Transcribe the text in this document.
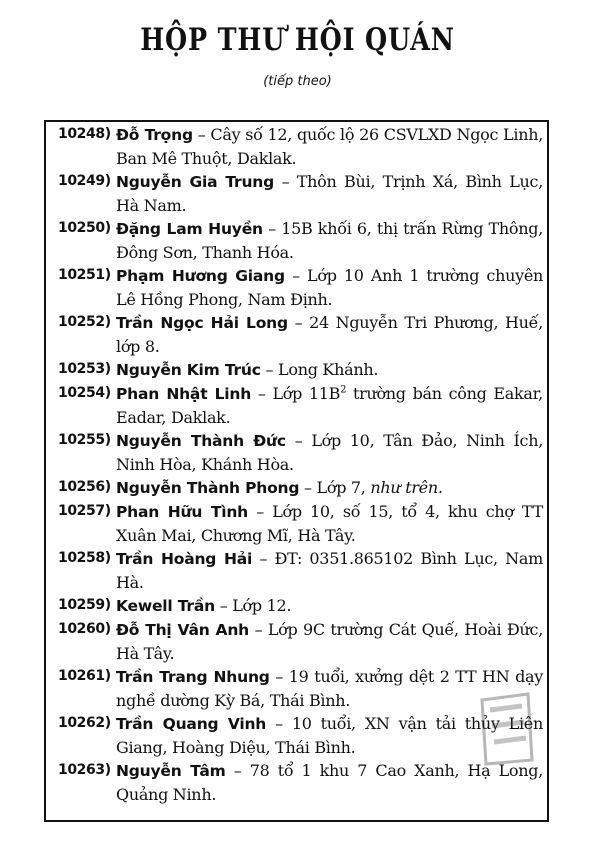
HỘP THƯ HỘI QUÁN
(tiếp theo)
10248) Đỗ Trọng – Cây số 12, quốc lộ 26 CSVLXD Ngọc Linh, Ban Mê Thuột, Daklak.
10249) Nguyễn Gia Trung – Thôn Bùi, Trịnh Xá, Bình Lục, Hà Nam.
10250) Đặng Lam Huyền – 15B khối 6, thị trấn Rừng Thông, Đông Sơn, Thanh Hóa.
10251) Phạm Hương Giang – Lớp 10 Anh 1 trường chuyên Lê Hồng Phong, Nam Định.
10252) Trần Ngọc Hải Long – 24 Nguyễn Tri Phương, Huế, lớp 8.
10253) Nguyễn Kim Trúc – Long Khánh.
10254) Phan Nhật Linh – Lớp $11B^2$ trường bán công Eakar, Eadar, Daklak.
10255) Nguyễn Thành Đức – Lớp 10, Tân Đảo, Ninh Ích, Ninh Hòa, Khánh Hòa.
10256) Nguyễn Thành Phong – Lớp 7, như trên.
10257) Phan Hữu Tình – Lớp 10, số 15, tổ 4, khu chợ TT Xuân Mai, Chương Mĩ, Hà Tây.
10258) Trần Hoàng Hải – ĐT: 0351.865102 Bình Lục, Nam Hà.
10259) Kewell Trần – Lớp 12.
10260) Đỗ Thị Vân Anh – Lớp 9C trường Cát Quế, Hoài Đức, Hà Tây.
10261) Trần Trang Nhung – 19 tuổi, xưởng dệt 2 TT HN dạy nghề dường Kỳ Bá, Thái Bình.
10262) Trần Quang Vinh – 10 tuổi, XN vận tải thủy Liên Giang, Hoàng Diệu, Thái Bình.
10263) Nguyễn Tâm – 78 tổ 1 khu 7 Cao Xanh, Hạ Long, Quảng Ninh.
